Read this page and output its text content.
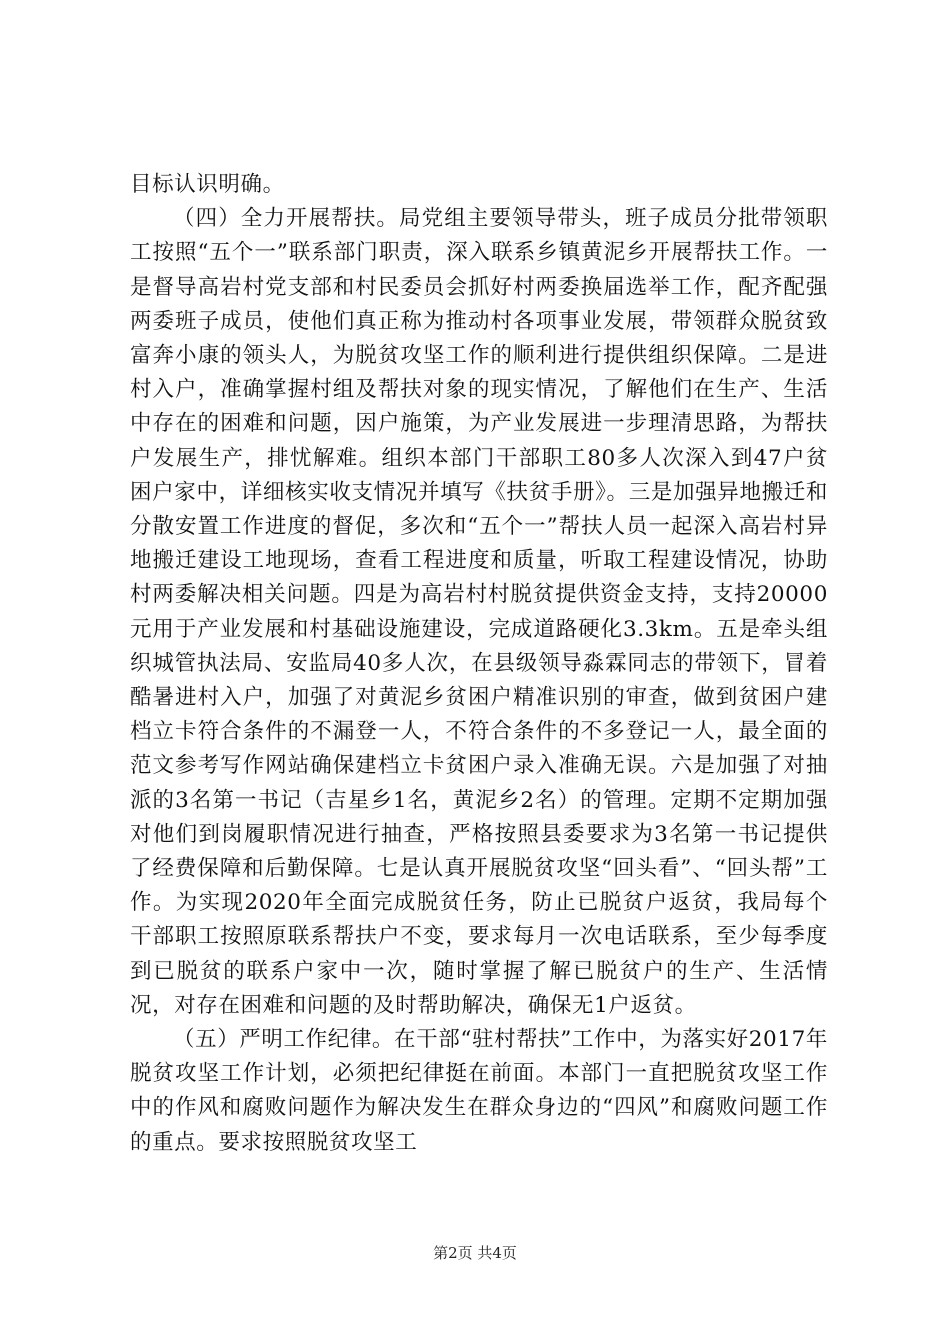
目标认识明确。

（四）全力开展帮扶。局党组主要领导带头，班子成员分批带领职工按照“五个一”联系部门职责，深入联系乡镇黄泥乡开展帮扶工作。一是督导高岩村党支部和村民委员会抓好村两委换届选举工作，配齐配强两委班子成员，使他们真正称为推动村各项事业发展，带领群众脱贫致富奔小康的领头人，为脱贫攻坚工作的顺利进行提供组织保障。二是进村入户，准确掌握村组及帮扶对象的现实情况，了解他们在生产、生活中存在的困难和问题，因户施策，为产业发展进一步理清思路，为帮扶户发展生产，排忧解难。组织本部门干部职工80多人次深入到47户贫困户家中，详细核实收支情况并填写《扶贫手册》。三是加强异地搬迁和分散安置工作进度的督促，多次和“五个一”帮扶人员一起深入高岩村异地搬迁建设工地现场，查看工程进度和质量，听取工程建设情况，协助村两委解决相关问题。四是为高岩村村脱贫提供资金支持，支持20000元用于产业发展和村基础设施建设，完成道路硬化3.3km。五是牵头组织城管执法局、安监局40多人次，在县级领导淼霖同志的带领下，冒着酷暑进村入户，加强了对黄泥乡贫困户精准识别的审查，做到贫困户建档立卡符合条件的不漏登一人，不符合条件的不多登记一人，最全面的范文参考写作网站确保建档立卡贫困户录入准确无误。六是加强了对抽派的3名第一书记（吉星乡1名，黄泥乡2名）的管理。定期不定期加强对他们到岗履职情况进行抽查，严格按照县委要求为3名第一书记提供了经费保障和后勤保障。七是认真开展脱贫攻坚“回头看”、“回头帮”工作。为实现2020年全面完成脱贫任务，防止已脱贫户返贫，我局每个干部职工按照原联系帮扶户不变，要求每月一次电话联系，至少每季度到已脱贫的联系户家中一次，随时掌握了解已脱贫户的生产、生活情况，对存在困难和问题的及时帮助解决，确保无1户返贫。

（五）严明工作纪律。在干部“驻村帮扶”工作中，为落实好2017年脱贫攻坚工作计划，必须把纪律挺在前面。本部门一直把脱贫攻坚工作中的作风和腐败问题作为解决发生在群众身边的“四风”和腐败问题工作的重点。要求按照脱贫攻坚工

第2页 共4页
